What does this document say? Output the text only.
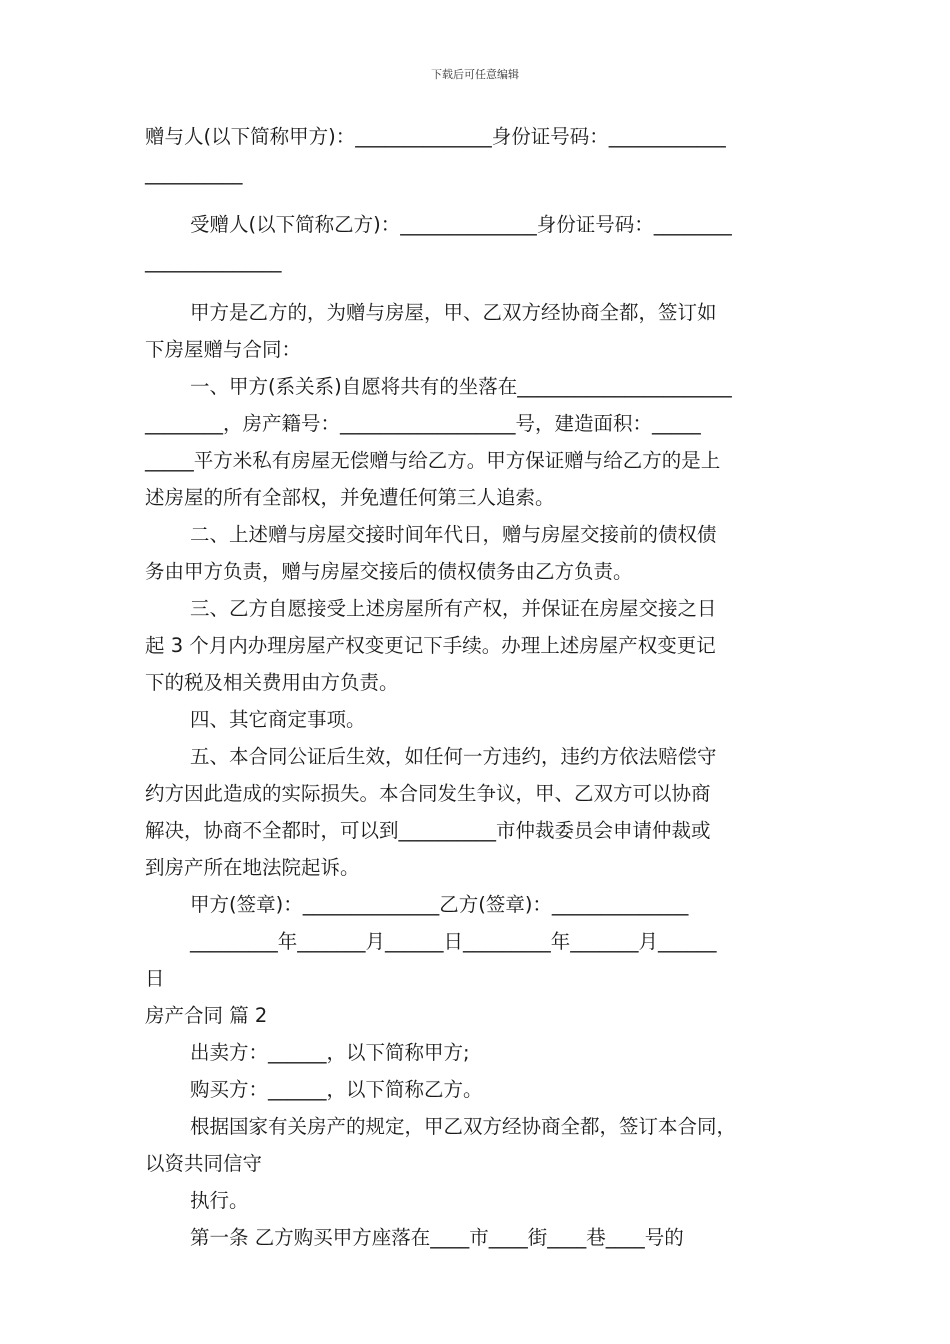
下载后可任意编辑
赠与人(以下简称甲方)：______________身份证号码：____________
__________
受赠人(以下简称乙方)：______________身份证号码：________
______________
甲方是乙方的，为赠与房屋，甲、乙双方经协商全都，签订如
下房屋赠与合同：
一、甲方(系关系)自愿将共有的坐落在______________________
________，房产籍号：__________________号，建造面积：_____
_____平方米私有房屋无偿赠与给乙方。甲方保证赠与给乙方的是上
述房屋的所有全部权，并免遭任何第三人追索。
二、上述赠与房屋交接时间年代日，赠与房屋交接前的债权债
务由甲方负责，赠与房屋交接后的债权债务由乙方负责。
三、乙方自愿接受上述房屋所有产权，并保证在房屋交接之日
起 3 个月内办理房屋产权变更记下手续。办理上述房屋产权变更记
下的税及相关费用由方负责。
四、其它商定事项。
五、本合同公证后生效，如任何一方违约，违约方依法赔偿守
约方因此造成的实际损失。本合同发生争议，甲、乙双方可以协商
解决，协商不全都时，可以到__________市仲裁委员会申请仲裁或
到房产所在地法院起诉。
甲方(签章)：______________乙方(签章)：______________
_________年_______月______日_________年_______月______
日
房产合同 篇 2
出卖方：______，以下简称甲方;
购买方：______，以下简称乙方。
根据国家有关房产的规定，甲乙双方经协商全都，签订本合同，
以资共同信守
执行。
第一条 乙方购买甲方座落在____市____街____巷____号的
